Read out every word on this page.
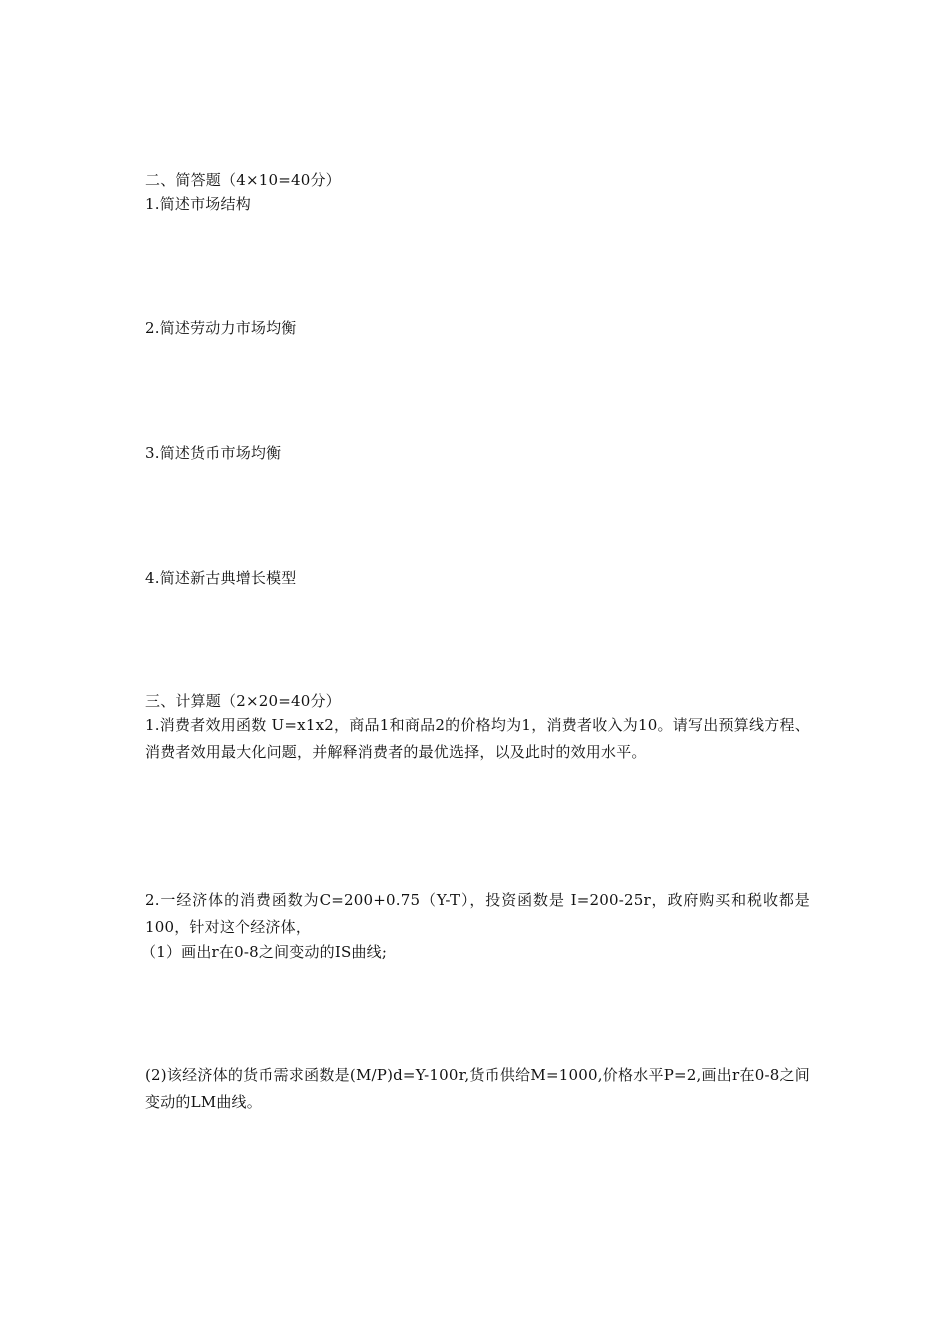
二、简答题（4×10=40分）
1.简述市场结构
2.简述劳动力市场均衡
3.简述货币市场均衡
4.简述新古典增长模型
三、计算题（2×20=40分）
1.消费者效用函数 U=x1x2，商品1和商品2的价格均为1，消费者收入为10。请写出预算线方程、消费者效用最大化问题，并解释消费者的最优选择，以及此时的效用水平。
2.一经济体的消费函数为C=200+0.75（Y-T），投资函数是 I=200-25r，政府购买和税收都是100，针对这个经济体，
（1）画出r在0-8之间变动的IS曲线;
(2)该经济体的货币需求函数是(M/P)d=Y-100r,货币供给M=1000,价格水平P=2,画出r在0-8之间变动的LM曲线。
